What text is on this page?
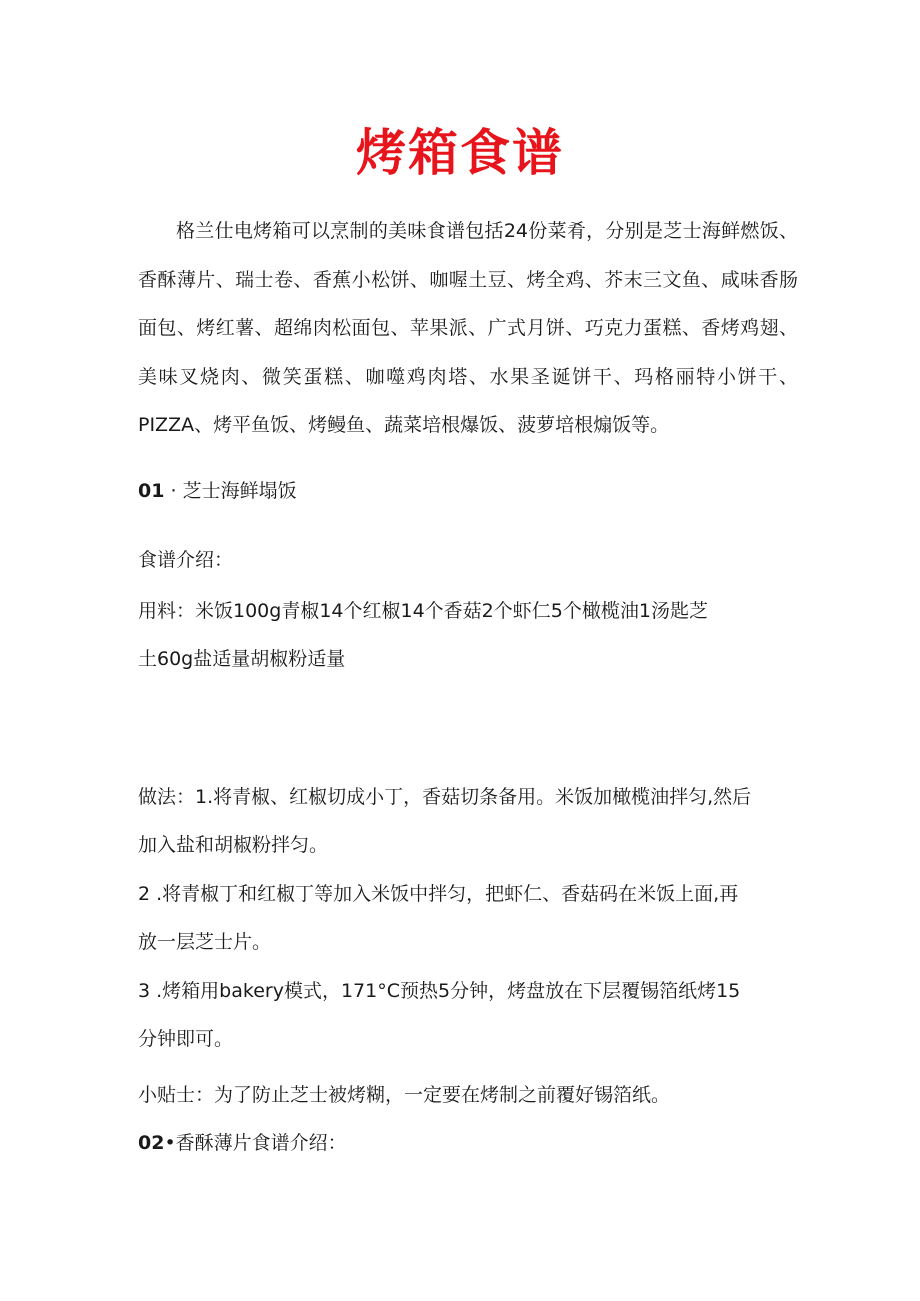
烤箱食谱
格兰仕电烤箱可以烹制的美味食谱包括24份菜肴，分别是芝士海鲜燃饭、香酥薄片、瑞士卷、香蕉小松饼、咖喔土豆、烤全鸡、芥末三文鱼、咸味香肠面包、烤红薯、超绵肉松面包、苹果派、广式月饼、巧克力蛋糕、香烤鸡翅、美味叉烧肉、微笑蛋糕、咖噬鸡肉塔、水果圣诞饼干、玛格丽特小饼干、PIZZA、烤平鱼饭、烤鳗鱼、蔬菜培根爆饭、菠萝培根煽饭等。
01 · 芝士海鲜塌饭
食谱介绍：
用料：米饭100g青椒14个红椒14个香菇2个虾仁5个橄榄油1汤匙芝
土60g盐适量胡椒粉适量
做法：1.将青椒、红椒切成小丁，香菇切条备用。米饭加橄榄油拌匀,然后
加入盐和胡椒粉拌匀。
2 .将青椒丁和红椒丁等加入米饭中拌匀，把虾仁、香菇码在米饭上面,再
放一层芝士片。
3 .烤箱用bakery模式，171°C预热5分钟，烤盘放在下层覆锡箔纸烤15
分钟即可。
小贴士：为了防止芝士被烤糊，一定要在烤制之前覆好锡箔纸。
02•香酥薄片食谱介绍：
